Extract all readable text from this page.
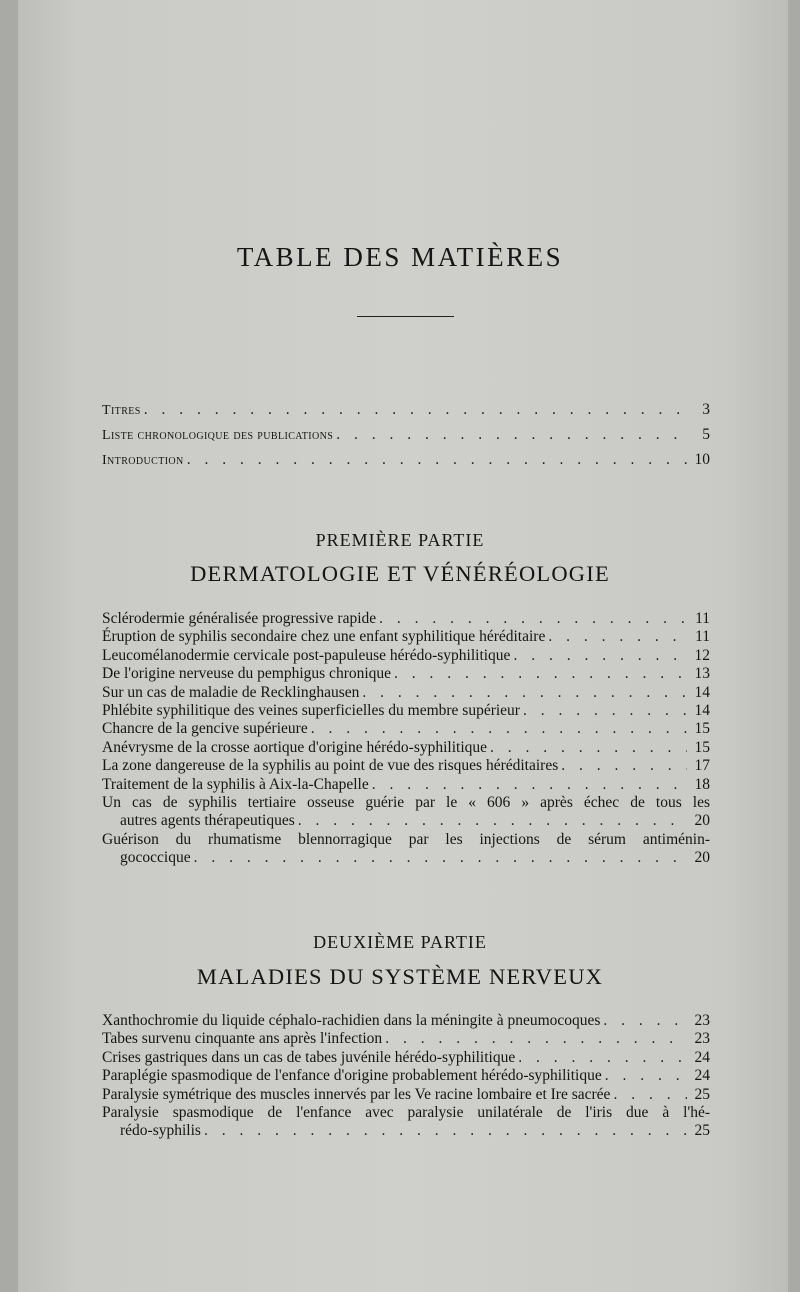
TABLE DES MATIÈRES
Titres . . .	3
Liste chronologique des publications . . .	5
Introduction . . .	10
PREMIÈRE PARTIE
DERMATOLOGIE ET VÉNÉRÉOLOGIE
Sclérodermie généralisée progressive rapide . . .	11
Éruption de syphilis secondaire chez une enfant syphilitique héréditaire . . .	11
Leucomélanodermie cervicale post-papuleuse hérédo-syphilitique . . .	12
De l'origine nerveuse du pemphigus chronique . . .	13
Sur un cas de maladie de Recklinghausen . . .	14
Phlébite syphilitique des veines superficielles du membre supérieur . . .	14
Chancre de la gencive supérieure . . .	15
Anévrysme de la crosse aortique d'origine hérédo-syphilitique . . .	15
La zone dangereuse de la syphilis au point de vue des risques héréditaires . . .	17
Traitement de la syphilis à Aix-la-Chapelle . . .	18
Un cas de syphilis tertiaire osseuse guérie par le « 606 » après échec de tous les
autres agents thérapeutiques . . .	20
Guérison du rhumatisme blennorragique par les injections de sérum antiménin-
gococcique . . .	20
DEUXIÈME PARTIE
MALADIES DU SYSTÈME NERVEUX
Xanthochromie du liquide céphalo-rachidien dans la méningite à pneumocoques . . .	23
Tabes survenu cinquante ans après l'infection . . .	23
Crises gastriques dans un cas de tabes juvénile hérédo-syphilitique . . .	24
Paraplégie spasmodique de l'enfance d'origine probablement hérédo-syphilitique . . .	24
Paralysie symétrique des muscles innervés par les Ve racine lombaire et Ire sacrée . . .	25
Paralysie spasmodique de l'enfance avec paralysie unilatérale de l'iris due à l'hé-
rédo-syphilis . . .	25
